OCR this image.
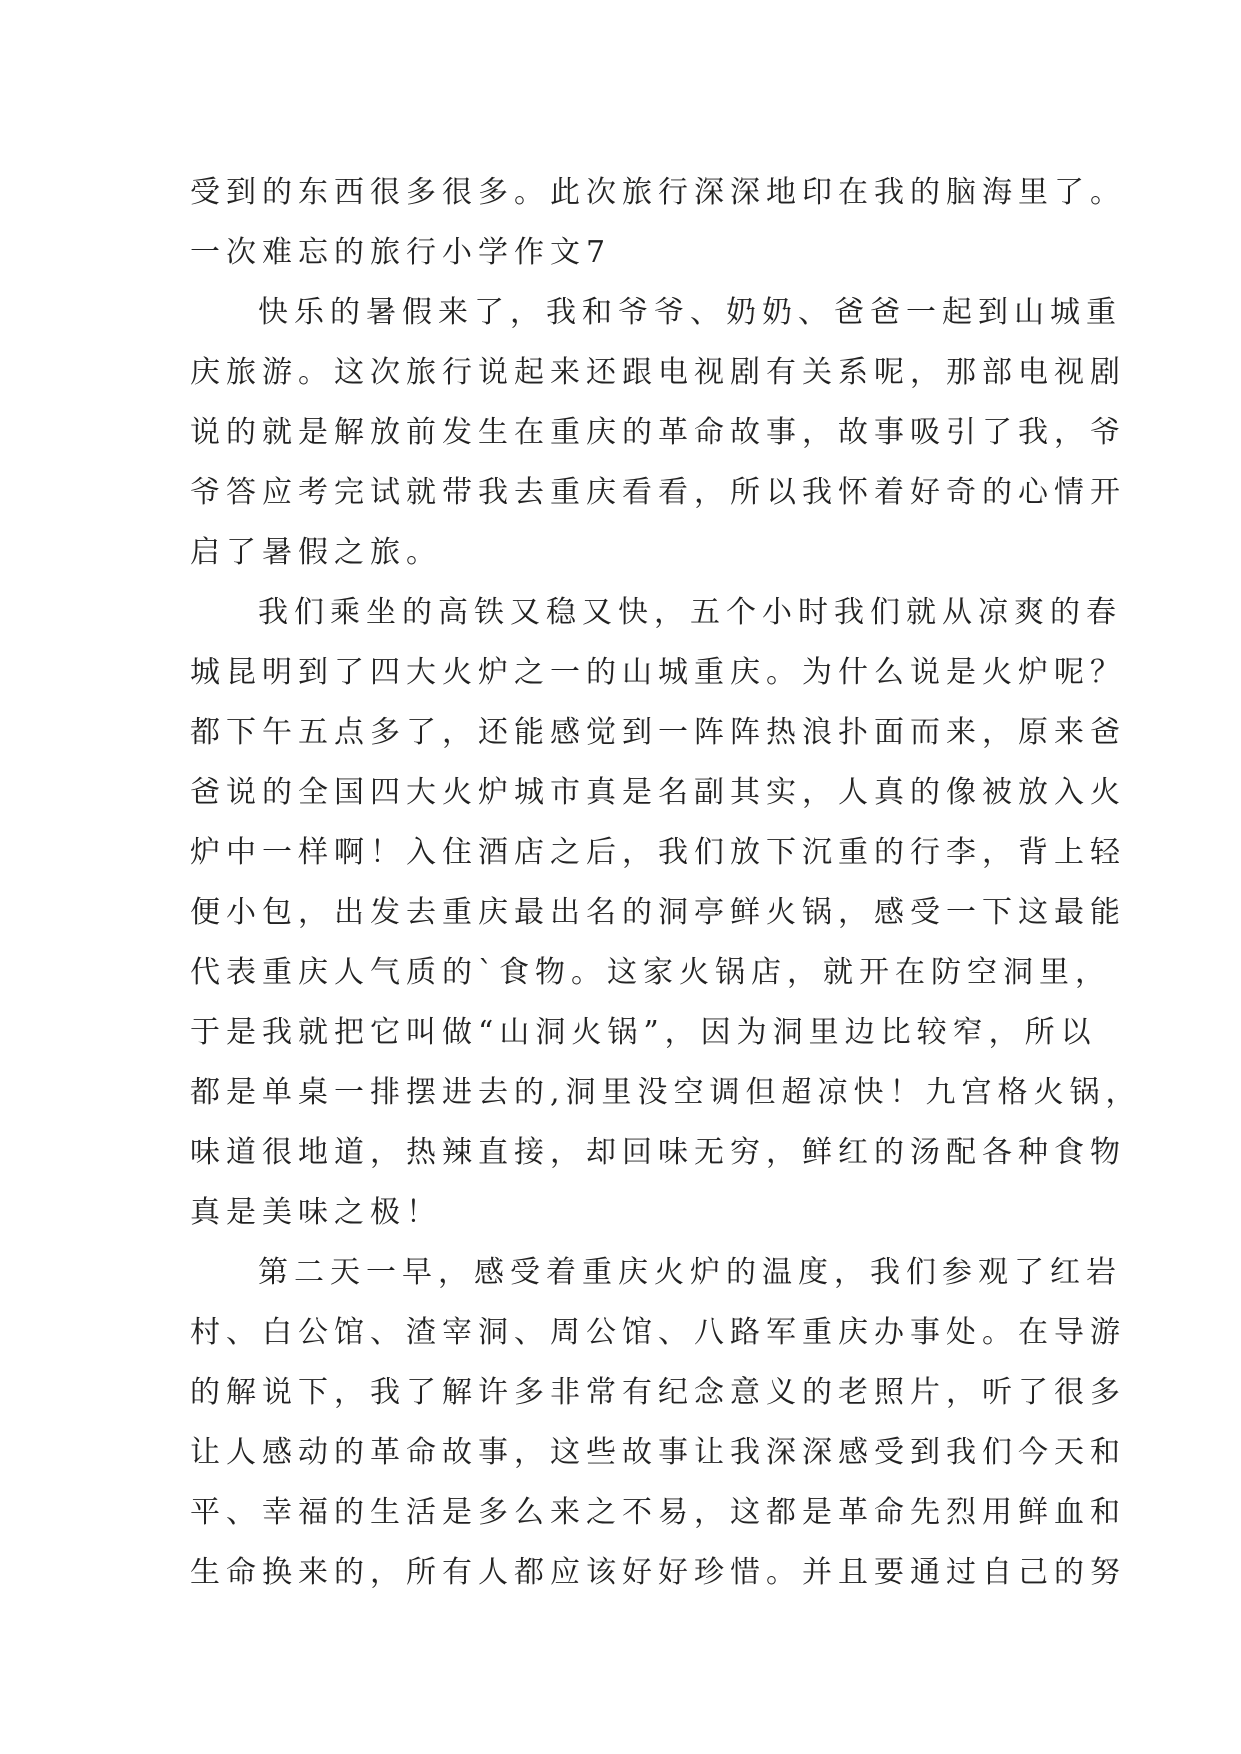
受到的东西很多很多。此次旅行深深地印在我的脑海里了。
一次难忘的旅行小学作文7
快乐的暑假来了，我和爷爷、奶奶、爸爸一起到山城重
庆旅游。这次旅行说起来还跟电视剧有关系呢，那部电视剧
说的就是解放前发生在重庆的革命故事，故事吸引了我，爷
爷答应考完试就带我去重庆看看，所以我怀着好奇的心情开
启了暑假之旅。
我们乘坐的高铁又稳又快，五个小时我们就从凉爽的春
城昆明到了四大火炉之一的山城重庆。为什么说是火炉呢？
都下午五点多了，还能感觉到一阵阵热浪扑面而来，原来爸
爸说的全国四大火炉城市真是名副其实，人真的像被放入火
炉中一样啊！入住酒店之后，我们放下沉重的行李，背上轻
便小包，出发去重庆最出名的洞亭鲜火锅，感受一下这最能
代表重庆人气质的`食物。这家火锅店，就开在防空洞里，
于是我就把它叫做“山洞火锅”，因为洞里边比较窄，所以
都是单桌一排摆进去的,洞里没空调但超凉快！九宫格火锅，
味道很地道，热辣直接，却回味无穷，鲜红的汤配各种食物
真是美味之极！
第二天一早，感受着重庆火炉的温度，我们参观了红岩
村、白公馆、渣宰洞、周公馆、八路军重庆办事处。在导游
的解说下，我了解许多非常有纪念意义的老照片，听了很多
让人感动的革命故事，这些故事让我深深感受到我们今天和
平、幸福的生活是多么来之不易，这都是革命先烈用鲜血和
生命换来的，所有人都应该好好珍惜。并且要通过自己的努
